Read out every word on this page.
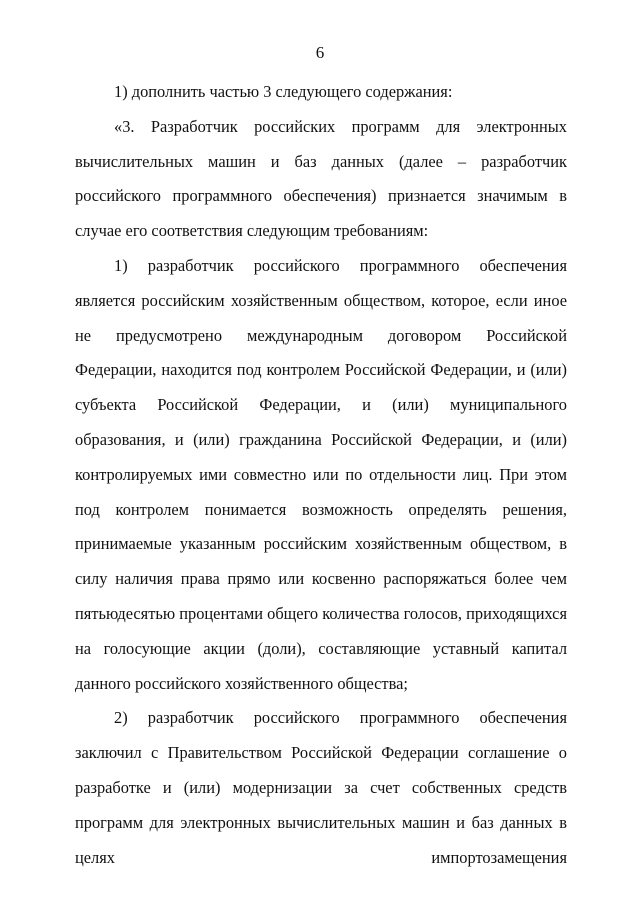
6

1) дополнить частью 3 следующего содержания:

«3. Разработчик российских программ для электронных вычислительных машин и баз данных (далее – разработчик российского программного обеспечения) признается значимым в случае его соответствия следующим требованиям:

1) разработчик российского программного обеспечения является российским хозяйственным обществом, которое, если иное не предусмотрено международным договором Российской Федерации, находится под контролем Российской Федерации, и (или) субъекта Российской Федерации, и (или) муниципального образования, и (или) гражданина Российской Федерации, и (или) контролируемых ими совместно или по отдельности лиц. При этом под контролем понимается возможность определять решения, принимаемые указанным российским хозяйственным обществом, в силу наличия права прямо или косвенно распоряжаться более чем пятьюдесятью процентами общего количества голосов, приходящихся на голосующие акции (доли), составляющие уставный капитал данного российского хозяйственного общества;

2) разработчик российского программного обеспечения заключил с Правительством Российской Федерации соглашение о разработке и (или) модернизации за счет собственных средств программ для электронных вычислительных машин и баз данных в целях импортозамещения
